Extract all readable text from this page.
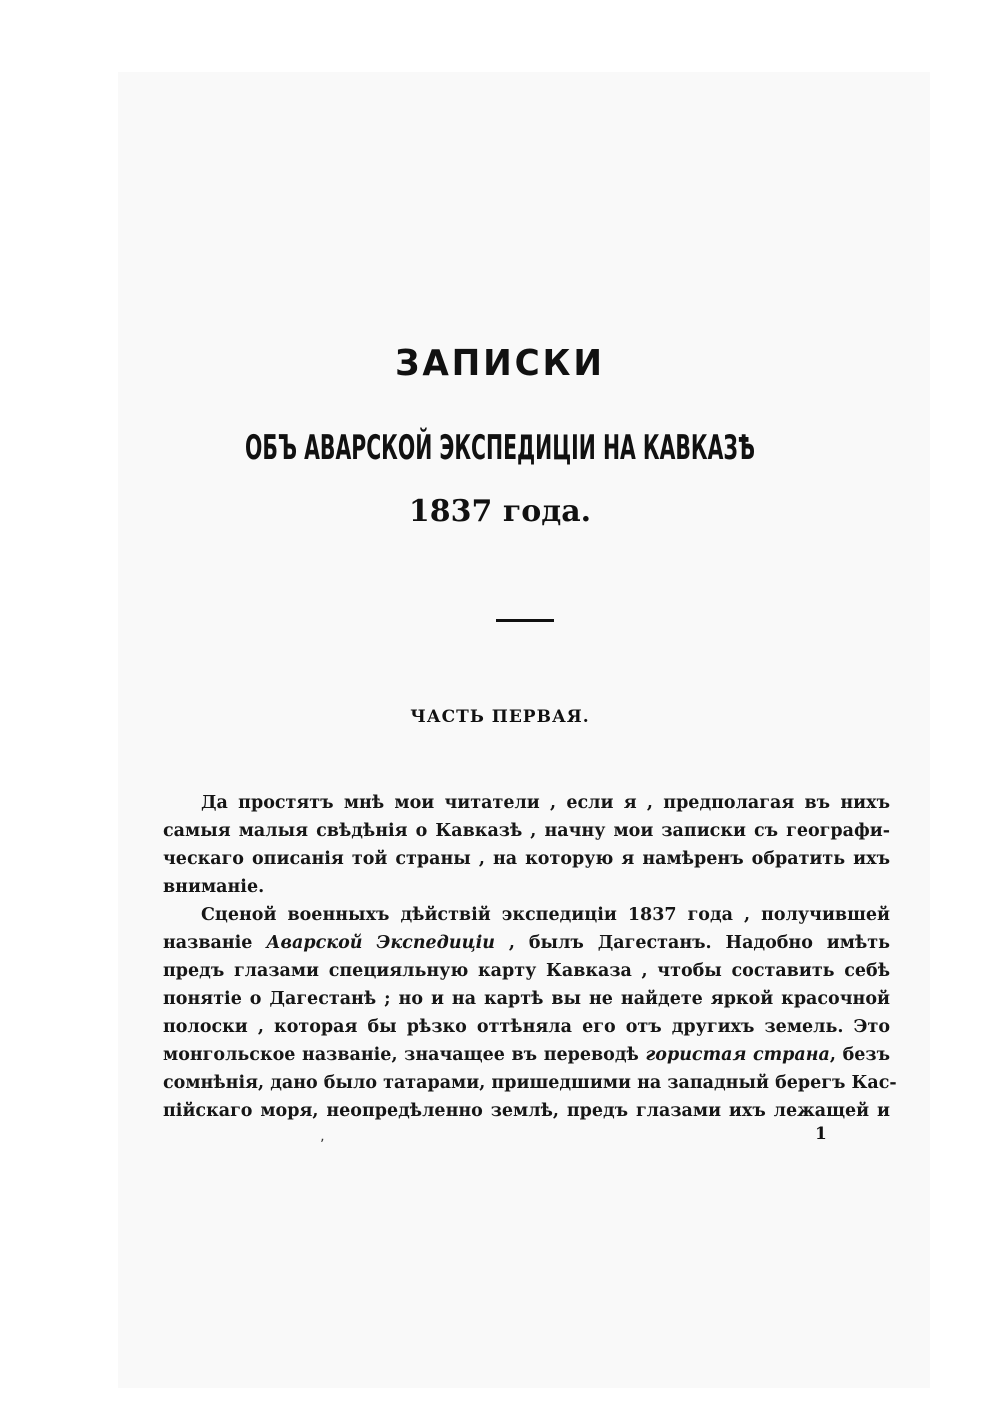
ЗАПИСКИ
ОБЪ АВАРСКОЙ ЭКСПЕДИЦІИ НА КАВКАЗѢ
1837 года.
ЧАСТЬ ПЕРВАЯ.
Да простятъ мнѣ мои читатели , если я , предполагая въ нихъ
самыя малыя свѣдѣнія о Кавказѣ , начну мои записки съ географи-
ческаго описанія той страны , на которую я намѣренъ обратить ихъ
вниманіе.
Сценой военныхъ дѣйствій экспедиціи 1837 года , получившей
названіе Аварской Экспедиціи , былъ Дагестанъ. Надобно имѣть
предъ глазами специяльную карту Кавказа , чтобы составить себѣ
понятіе о Дагестанѣ ; но и на картѣ вы не найдете яркой красочной
полоски , которая бы рѣзко оттѣняла его отъ другихъ земель. Это
монгольское названіе, значащее въ переводѣ гористая страна, безъ
сомнѣнія, дано было татарами, пришедшими на западный берегъ Кас-
пійскаго моря, неопредѣленно землѣ, предъ глазами ихъ лежащей и
٬
1
